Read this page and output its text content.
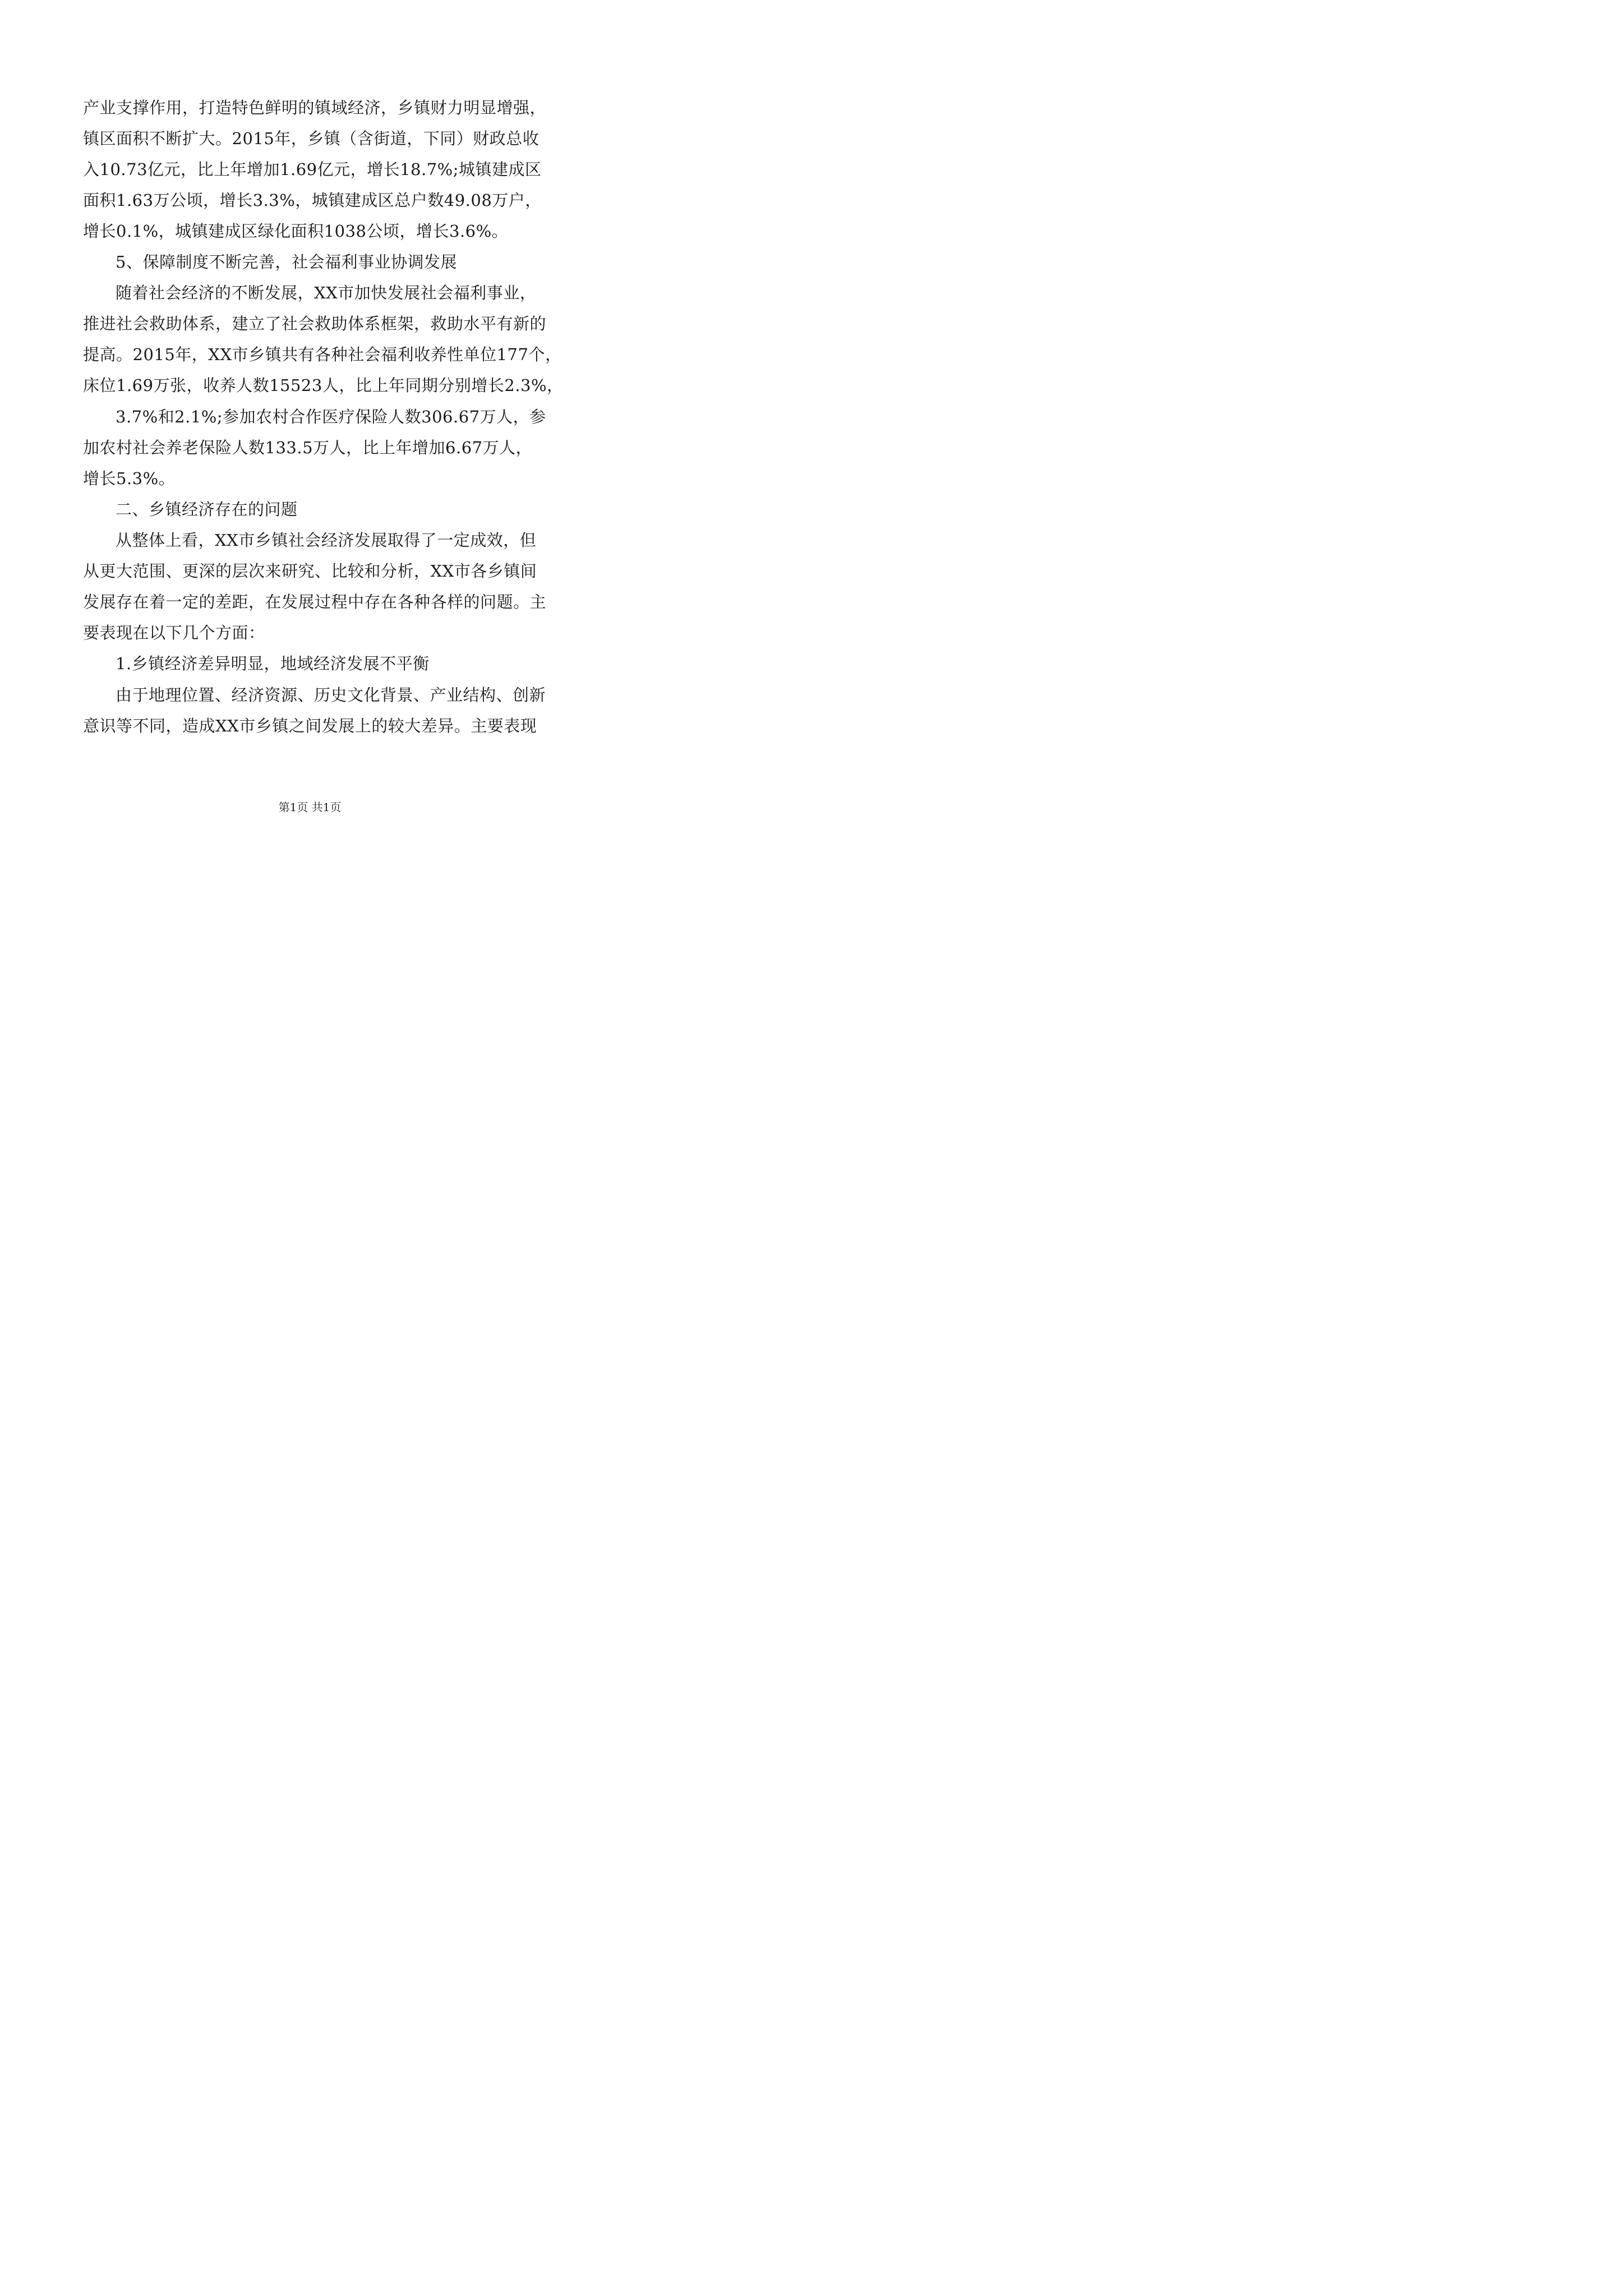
产业支撑作用，打造特色鲜明的镇域经济，乡镇财力明显增强，
镇区面积不断扩大。2015年，乡镇（含街道，下同）财政总收
入10.73亿元，比上年增加1.69亿元，增长18.7%;城镇建成区
面积1.63万公顷，增长3.3%，城镇建成区总户数49.08万户，
增长0.1%，城镇建成区绿化面积1038公顷，增长3.6%。
5、保障制度不断完善，社会福利事业协调发展
随着社会经济的不断发展，XX市加快发展社会福利事业，
推进社会救助体系，建立了社会救助体系框架，救助水平有新的
提高。2015年，XX市乡镇共有各种社会福利收养性单位177个，
床位1.69万张，收养人数15523人，比上年同期分别增长2.3%，
3.7%和2.1%;参加农村合作医疗保险人数306.67万人，参
加农村社会养老保险人数133.5万人，比上年增加6.67万人，
增长5.3%。
二、乡镇经济存在的问题
从整体上看，XX市乡镇社会经济发展取得了一定成效，但
从更大范围、更深的层次来研究、比较和分析，XX市各乡镇间
发展存在着一定的差距，在发展过程中存在各种各样的问题。主
要表现在以下几个方面：
1.乡镇经济差异明显，地域经济发展不平衡
由于地理位置、经济资源、历史文化背景、产业结构、创新
意识等不同，造成XX市乡镇之间发展上的较大差异。主要表现
第1页 共1页
